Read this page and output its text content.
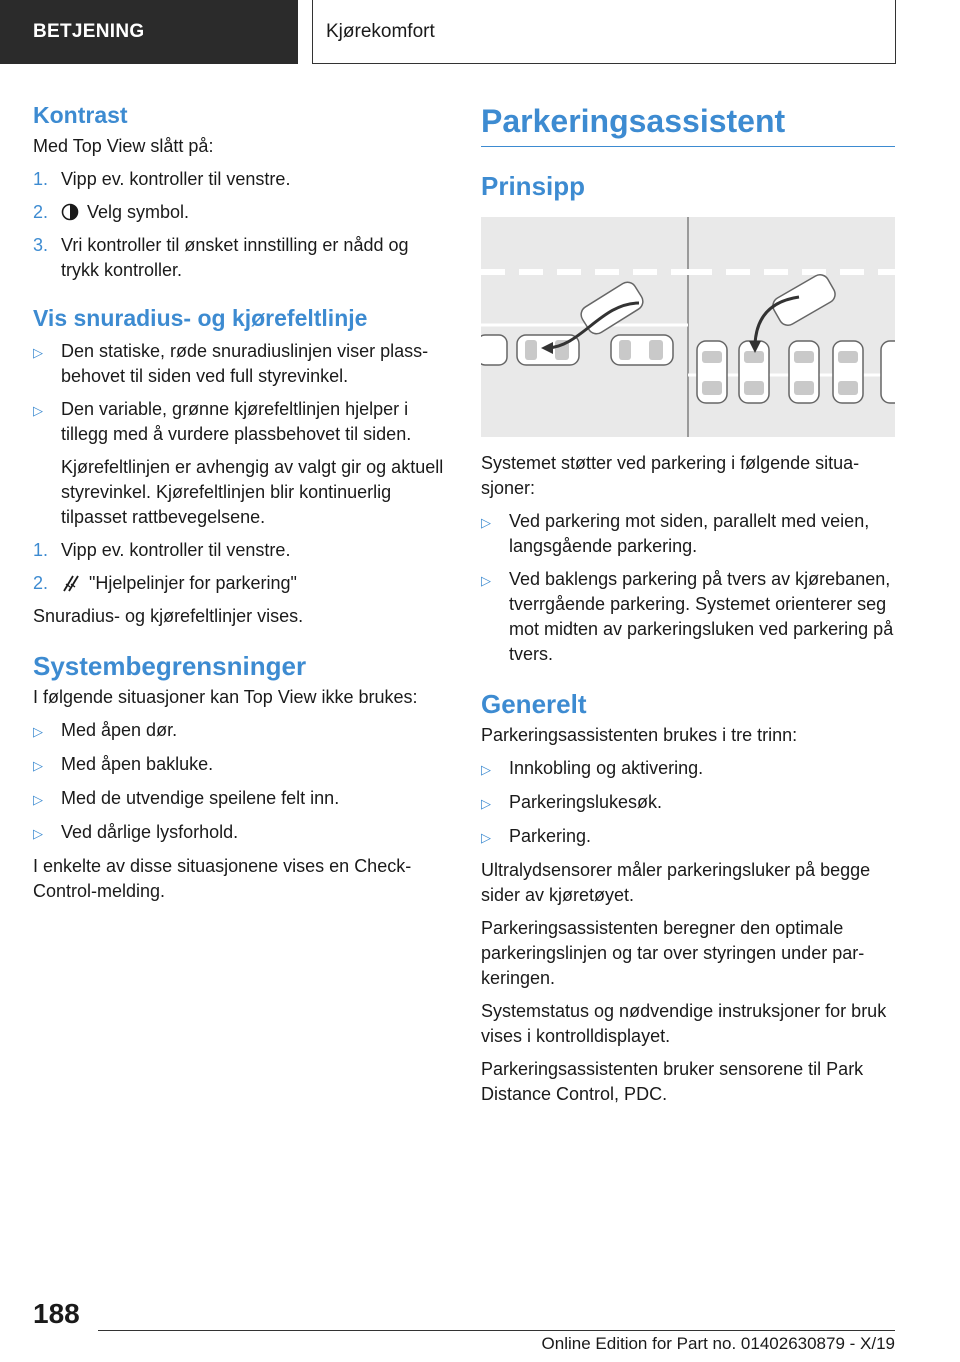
BETJENING	Kjørekomfort
Kontrast

Med Top View slått på:

1. Vipp ev. kontroller til venstre.
2.	Velg symbol.
3. Vri kontroller til ønsket innstilling er nådd og trykk kontroller.
Vis snuradius- og kjørefeltlinje
▷	Den statiske, røde snuradiuslinjen viser plassbehovet til siden ved full styrevinkel.
▷	Den variable, grønne kjørefeltlinjen hjelper i tillegg med å vurdere plassbehovet til siden.
Kjørefeltlinjen er avhengig av valgt gir og aktuell styrevinkel. Kjørefeltlinjen blir kontinuerlig tilpasset rattbevegelsene.
1. Vipp ev. kontroller til venstre.
2.	"Hjelpelinjer for parkering"

Snuradius- og kjørefeltlinjer vises.

Systembegrensninger

I følgende situasjoner kan Top View ikke brukes:

▷	Med åpen dør.
▷	Med åpen bakluke.
▷	Med de utvendige speilene felt inn.
▷	Ved dårlige lysforhold.

I enkelte av disse situasjonene vises en Check-Control-melding.

Parkeringsassistent
Prinsipp

Systemet støtter ved parkering i følgende situasjoner:

▷	Ved parkering mot siden, parallelt med veien, langsgående parkering.
▷	Ved baklengs parkering på tvers av kjørebanen, tverrgående parkering. Systemet orienterer seg mot midten av parkeringsluken ved parkering på tvers.
Generelt

Parkeringsassistenten brukes i tre trinn:

▷	Innkobling og aktivering.
▷	Parkeringslukesøk.
▷	Parkering.

Ultralydsensorer måler parkeringsluker på begge sider av kjøretøyet.

Parkeringsassistenten beregner den optimale parkeringslinjen og tar over styringen under parkeringen.

Systemstatus og nødvendige instruksjoner for bruk vises i kontrolldisplayet.

Parkeringsassistenten bruker sensorene til Park Distance Control, PDC.

188
Online Edition for Part no. 01402630879 - X/19
